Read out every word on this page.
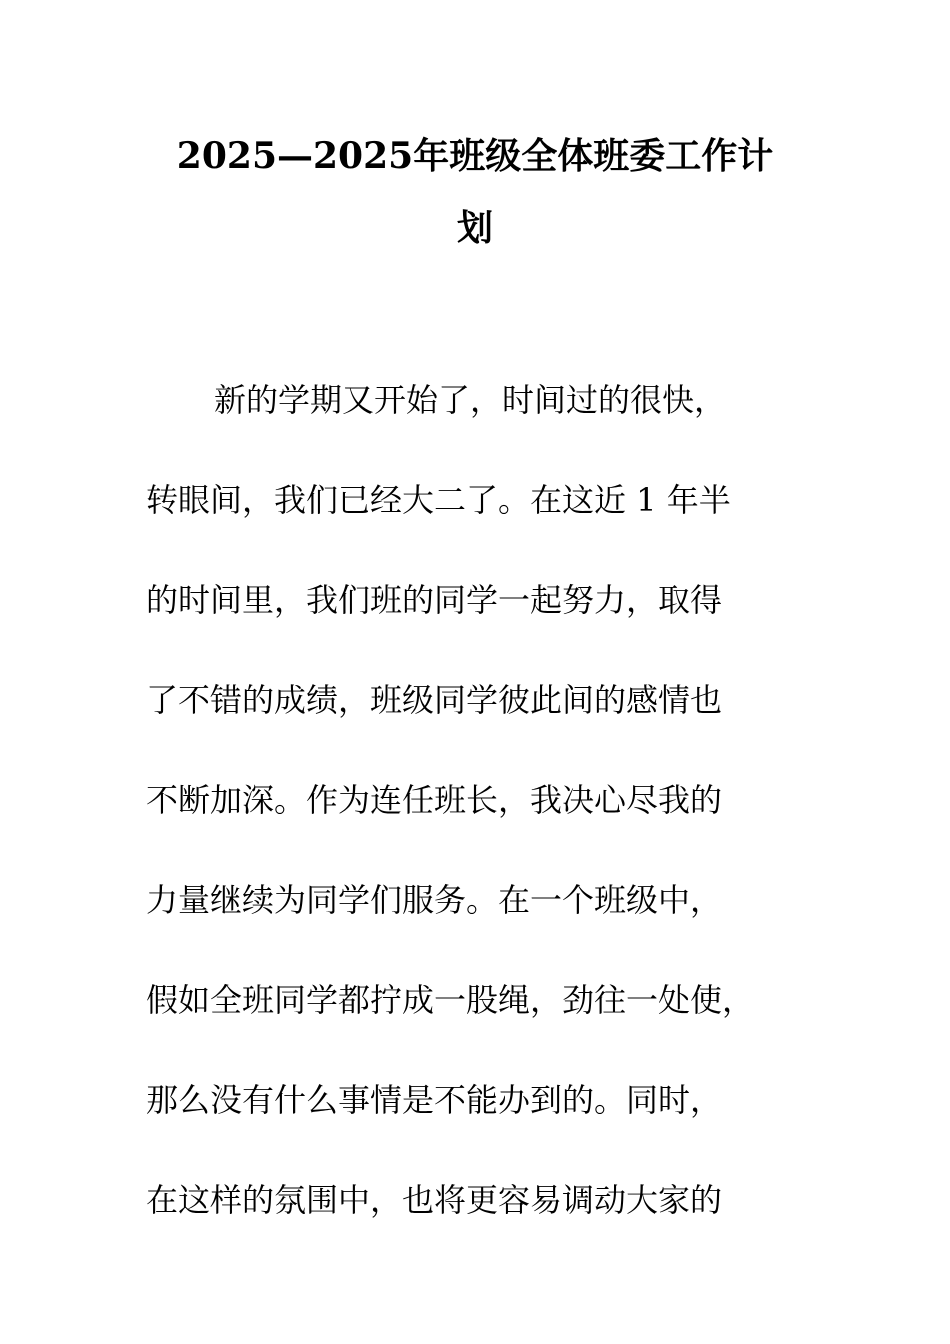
2025—2025年班级全体班委工作计
划

新的学期又开始了，时间过的很快，

转眼间，我们已经大二了。在这近 1 年半

的时间里，我们班的同学一起努力，取得

了不错的成绩，班级同学彼此间的感情也

不断加深。作为连任班长，我决心尽我的

力量继续为同学们服务。在一个班级中，

假如全班同学都拧成一股绳，劲往一处使，

那么没有什么事情是不能办到的。同时，

在这样的氛围中，也将更容易调动大家的
